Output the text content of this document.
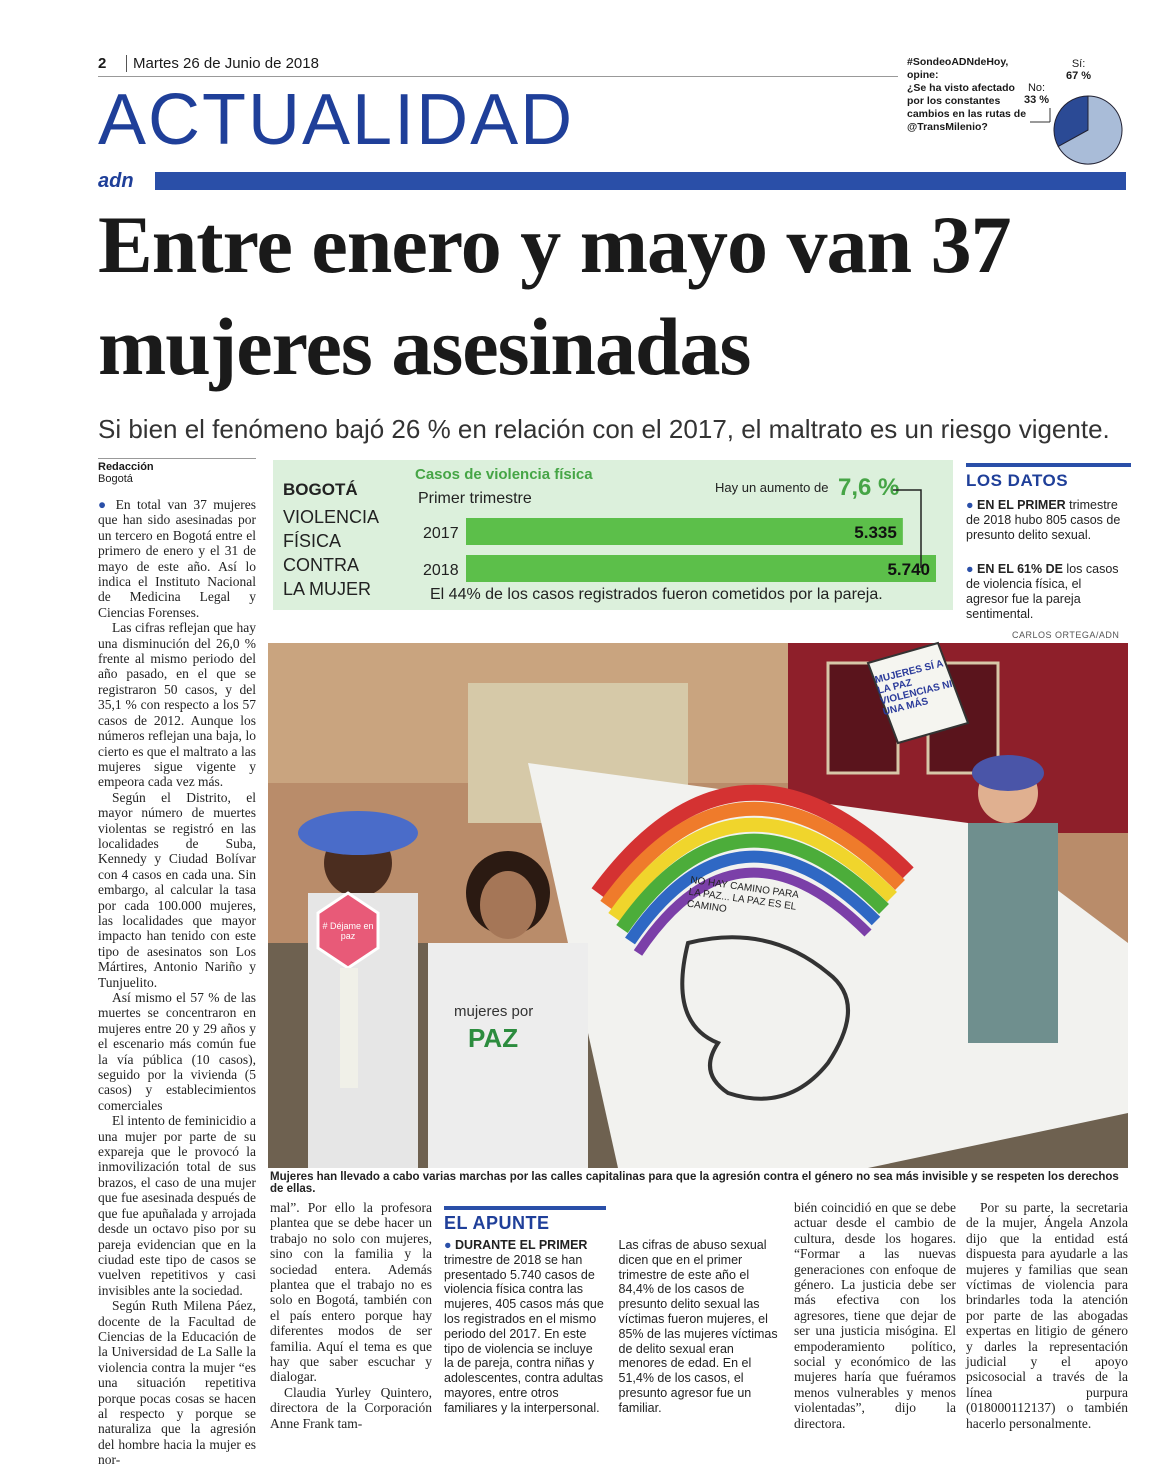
2	Martes 26 de Junio de 2018
ACTUALIDAD
#SondeoADNdeHoy, opine:
¿Se ha visto afectado por los constantes cambios en las rutas de @TransMilenio?
Sí:
67 %
No:
33 %
adn
Entre enero y mayo van 37 mujeres asesinadas
Si bien el fenómeno bajó 26 % en relación con el 2017, el maltrato es un riesgo vigente.
Redacción
Bogotá
BOGOTÁ
VIOLENCIA
FÍSICA
CONTRA
LA MUJER
Casos de violencia física
Primer trimestre
Hay un aumento de 7,6 %
2017	5.335
2018	5.740
El 44% de los casos registrados fueron cometidos por la pareja.
LOS DATOS
● EN EL PRIMER trimestre de 2018 hubo 805 casos de presunto delito sexual.
● EN EL 61% DE los casos de violencia física, el agresor fue la pareja sentimental.

● En total van 37 mujeres que han sido asesinadas por un tercero en Bogotá entre el primero de enero y el 31 de mayo de este año. Así lo indica el Instituto Nacional de Medicina Legal y Ciencias Forenses.

Las cifras reflejan que hay una disminución del 26,0 % frente al mismo periodo del año pasado, en el que se registraron 50 casos, y del 35,1 % con respecto a los 57 casos de 2012. Aunque los números reflejan una baja, lo cierto es que el maltrato a las mujeres sigue vigente y empeora cada vez más.

Según el Distrito, el mayor número de muertes violentas se registró en las localidades de Suba, Kennedy y Ciudad Bolívar con 4 casos en cada una. Sin embargo, al calcular la tasa por cada 100.000 mujeres, las localidades que mayor impacto han tenido con este tipo de asesinatos son Los Mártires, Antonio Nariño y Tunjuelito.

Así mismo el 57 % de las muertes se concentraron en mujeres entre 20 y 29 años y el escenario más común fue la vía pública (10 casos), seguido por la vivienda (5 casos) y establecimientos comerciales

El intento de feminicidio a una mujer por parte de su expareja que le provocó la inmovilización total de sus brazos, el caso de una mujer que fue asesinada después de que fue apuñalada y arrojada desde un octavo piso por su pareja evidencian que en la ciudad este tipo de casos se vuelven repetitivos y casi invisibles ante la sociedad.

Según Ruth Milena Páez, docente de la Facultad de Ciencias de la Educación de la Universidad de La Salle la violencia contra la mujer “es una situación repetitiva porque pocas cosas se hacen al respecto y porque se naturaliza que la agresión del hombre hacia la mujer es nor-

CARLOS ORTEGA/ADN
MUJERES SÍ A LA PAZ VIOLENCIAS NI UNA MÁS
NO HAY CAMINO PARA LA PAZ... LA PAZ ES EL CAMINO
mujeres por
PAZ
# Déjame en paz
Mujeres han llevado a cabo varias marchas por las calles capitalinas para que la agresión contra el género no sea más invisible y se respeten los derechos de ellas.

mal”. Por ello la profesora plantea que se debe hacer un trabajo no solo con mujeres, sino con la familia y la sociedad entera. Además plantea que el trabajo no es solo en Bogotá, también con el país entero porque hay diferentes modos de ser familia. Aquí el tema es que hay que saber escuchar y dialogar.

Claudia Yurley Quintero, directora de la Corporación Anne Frank tam-

EL APUNTE
● DURANTE EL PRIMER trimestre de 2018 se han presentado 5.740 casos de violencia física contra las mujeres, 405 casos más que los registrados en el mismo periodo del 2017. En este tipo de violencia se incluye la de pareja, contra niñas y adolescentes, contra adultas mayores, entre otros familiares y la interpersonal. Las cifras de abuso sexual dicen que en el primer trimestre de este año el 84,4% de los casos de presunto delito sexual las víctimas fueron mujeres, el 85% de las mujeres víctimas de delito sexual eran menores de edad. En el 51,4% de los casos, el presunto agresor fue un familiar.

bién coincidió en que se debe actuar desde el cambio de cultura, desde los hogares. “Formar a las nuevas generaciones con enfoque de género. La justicia debe ser más efectiva con los agresores, tiene que dejar de ser una justicia misógina. El empoderamiento político, social y económico de las mujeres haría que fuéramos menos vulnerables y menos violentadas”, dijo la directora.

Por su parte, la secretaria de la mujer, Ángela Anzola dijo que la entidad está dispuesta para ayudarle a las mujeres y familias que sean víctimas de violencia para brindarles toda la atención por parte de las abogadas expertas en litigio de género y darles la representación judicial y el apoyo psicosocial a través de la línea purpura (018000112137) o también hacerlo personalmente.
